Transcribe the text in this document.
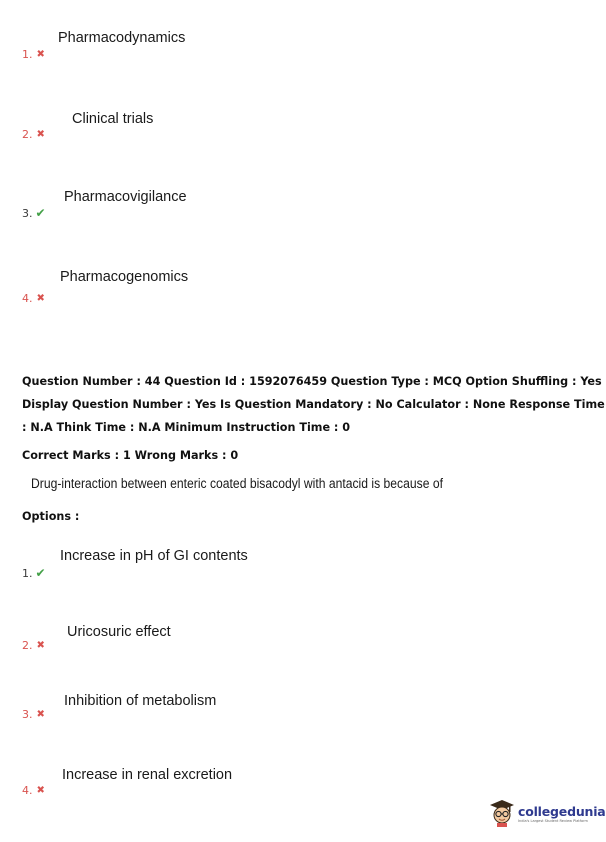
Pharmacodynamics
1. ✖
Clinical trials
2. ✖
Pharmacovigilance
3. ✔
Pharmacogenomics
4. ✖
Question Number : 44 Question Id : 1592076459 Question Type : MCQ Option Shuffling : Yes
Display Question Number : Yes Is Question Mandatory : No Calculator : None Response Time
: N.A Think Time : N.A Minimum Instruction Time : 0
Correct Marks : 1 Wrong Marks : 0
Drug-interaction between enteric coated bisacodyl with antacid is because of
Options :
Increase in pH of GI contents
1. ✔
Uricosuric effect
2. ✖
Inhibition of metabolism
3. ✖
Increase in renal excretion
4. ✖
collegedunia
India's Largest Student Review Platform
